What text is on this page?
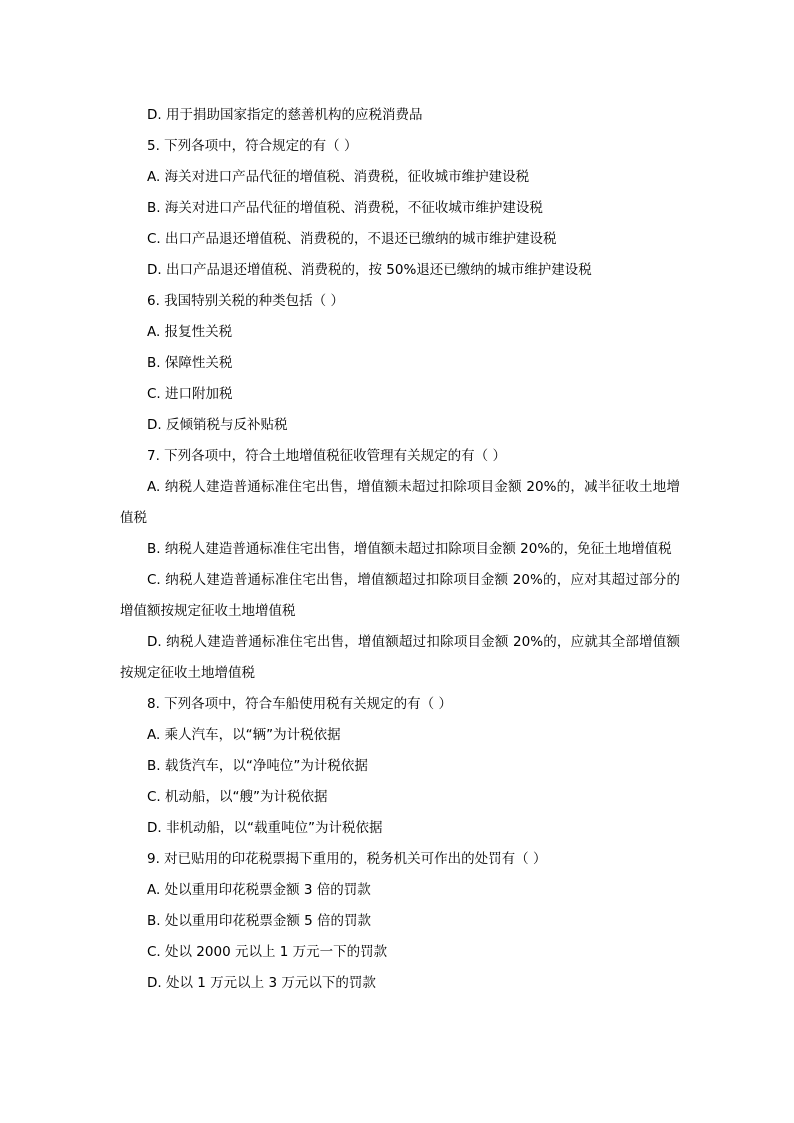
D. 用于捐助国家指定的慈善机构的应税消费品
5. 下列各项中，符合规定的有（ ）
A. 海关对进口产品代征的增值税、消费税，征收城市维护建设税
B. 海关对进口产品代征的增值税、消费税，不征收城市维护建设税
C. 出口产品退还增值税、消费税的，不退还已缴纳的城市维护建设税
D. 出口产品退还增值税、消费税的，按 50%退还已缴纳的城市维护建设税
6. 我国特别关税的种类包括（ ）
A. 报复性关税
B. 保障性关税
C. 进口附加税
D. 反倾销税与反补贴税
7. 下列各项中，符合土地增值税征收管理有关规定的有（ ）
A. 纳税人建造普通标准住宅出售，增值额未超过扣除项目金额 20%的，减半征收土地增值税
B. 纳税人建造普通标准住宅出售，增值额未超过扣除项目金额 20%的，免征土地增值税
C. 纳税人建造普通标准住宅出售，增值额超过扣除项目金额 20%的，应对其超过部分的增值额按规定征收土地增值税
D. 纳税人建造普通标准住宅出售，增值额超过扣除项目金额 20%的，应就其全部增值额按规定征收土地增值税
8. 下列各项中，符合车船使用税有关规定的有（ ）
A. 乘人汽车，以“辆”为计税依据
B. 载货汽车，以“净吨位”为计税依据
C. 机动船，以“艘”为计税依据
D. 非机动船，以“载重吨位”为计税依据
9. 对已贴用的印花税票揭下重用的，税务机关可作出的处罚有（ ）
A. 处以重用印花税票金额 3 倍的罚款
B. 处以重用印花税票金额 5 倍的罚款
C. 处以 2000 元以上 1 万元一下的罚款
D. 处以 1 万元以上 3 万元以下的罚款
